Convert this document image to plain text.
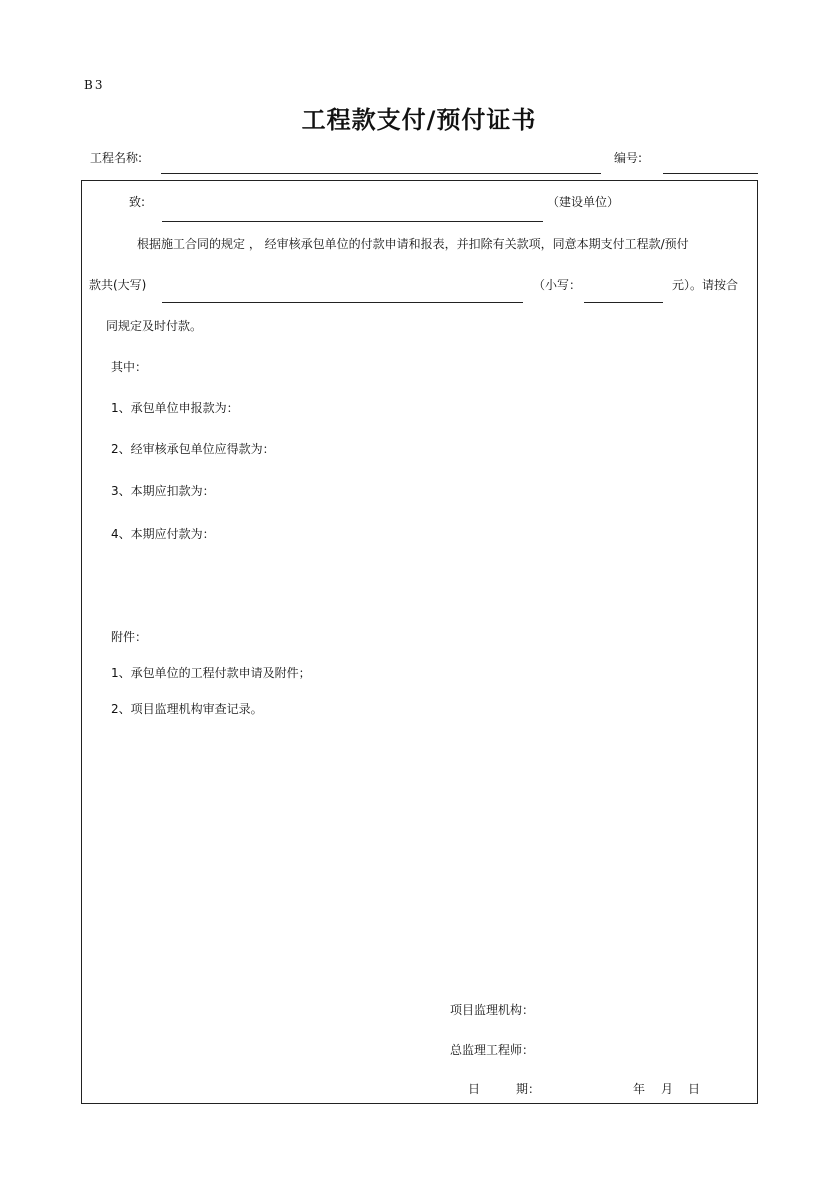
B3
工程款支付/预付证书
工程名称:	编号:
致:	（建设单位）
根据施工合同的规定 ， 经审核承包单位的付款申请和报表，并扣除有关款项，同意本期支付工程款/预付
款共(大写)	（小写：	元）。请按合
同规定及时付款。
其中：
1、承包单位申报款为：
2、经审核承包单位应得款为：
3、本期应扣款为：
4、本期应付款为：
附件：
1、承包单位的工程付款申请及附件；
2、项目监理机构审查记录。
项目监理机构：
总监理工程师：
日	期：	年 月 日
